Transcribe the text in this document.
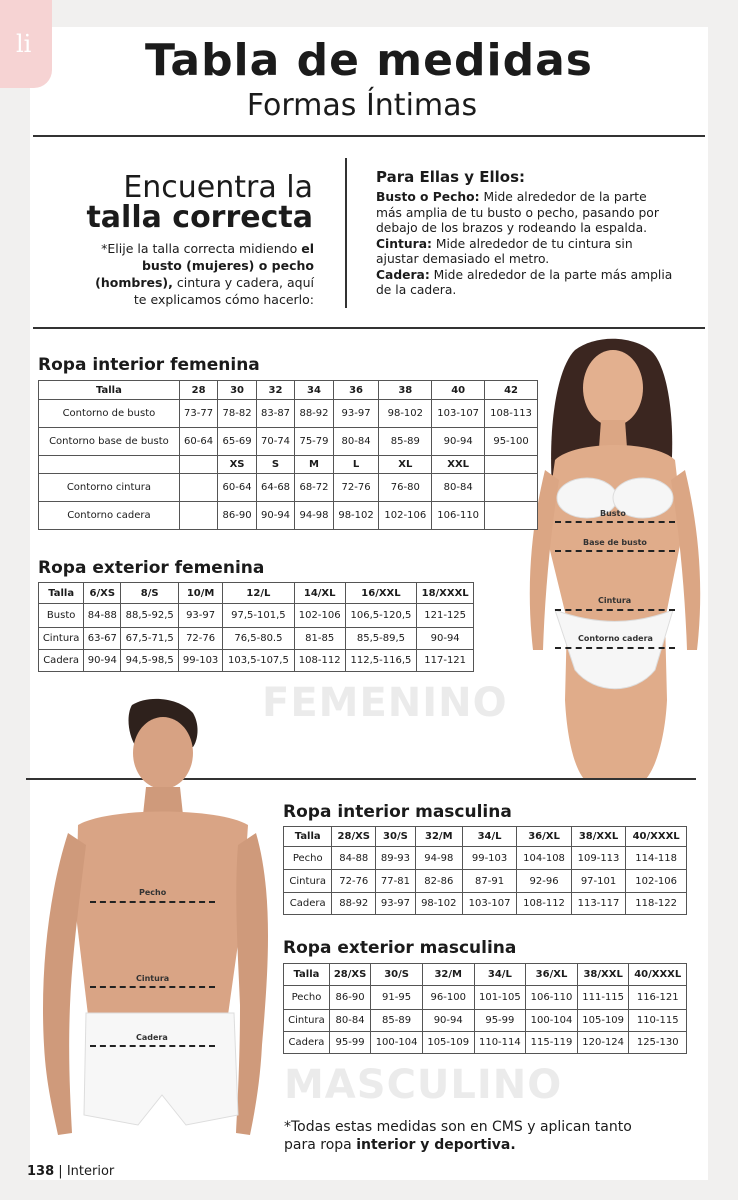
li	Tabla de medidas
Formas Íntimas
Encuentra la
talla correcta
*Elije la talla correcta midiendo el busto (mujeres) o pecho (hombres), cintura y cadera, aquí te explicamos cómo hacerlo:
Para Ellas y Ellos:
Busto o Pecho: Mide alrededor de la parte más amplia de tu busto o pecho, pasando por debajo de los brazos y rodeando la espalda.
Cintura: Mide alrededor de tu cintura sin ajustar demasiado el metro.
Cadera: Mide alrededor de la parte más amplia de la cadera.
Busto
Base de busto
Cintura
Contorno cadera
Ropa interior femenina
Talla	28	30	32	34	36	38	40	42
Contorno de busto	73-77	78-82	83-87	88-92	93-97	98-102	103-107	108-113
Contorno base de busto	60-64	65-69	70-74	75-79	80-84	85-89	90-94	95-100
		XS	S	M	L	XL	XXL	
Contorno cintura		60-64	64-68	68-72	72-76	76-80	80-84	
Contorno cadera		86-90	90-94	94-98	98-102	102-106	106-110	
Ropa exterior femenina
Talla	6/XS	8/S	10/M	12/L	14/XL	16/XXL	18/XXXL
Busto	84-88	88,5-92,5	93-97	97,5-101,5	102-106	106,5-120,5	121-125
Cintura	63-67	67,5-71,5	72-76	76,5-80.5	81-85	85,5-89,5	90-94
Cadera	90-94	94,5-98,5	99-103	103,5-107,5	108-112	112,5-116,5	117-121
FEMENINO
Pecho
Cintura
Cadera
Ropa interior masculina
Talla	28/XS	30/S	32/M	34/L	36/XL	38/XXL	40/XXXL
Pecho	84-88	89-93	94-98	99-103	104-108	109-113	114-118
Cintura	72-76	77-81	82-86	87-91	92-96	97-101	102-106
Cadera	88-92	93-97	98-102	103-107	108-112	113-117	118-122
Ropa exterior masculina
Talla	28/XS	30/S	32/M	34/L	36/XL	38/XXL	40/XXXL
Pecho	86-90	91-95	96-100	101-105	106-110	111-115	116-121
Cintura	80-84	85-89	90-94	95-99	100-104	105-109	110-115
Cadera	95-99	100-104	105-109	110-114	115-119	120-124	125-130
MASCULINO
*Todas estas medidas son en CMS y aplican tanto para ropa interior y deportiva.
138 | Interior
